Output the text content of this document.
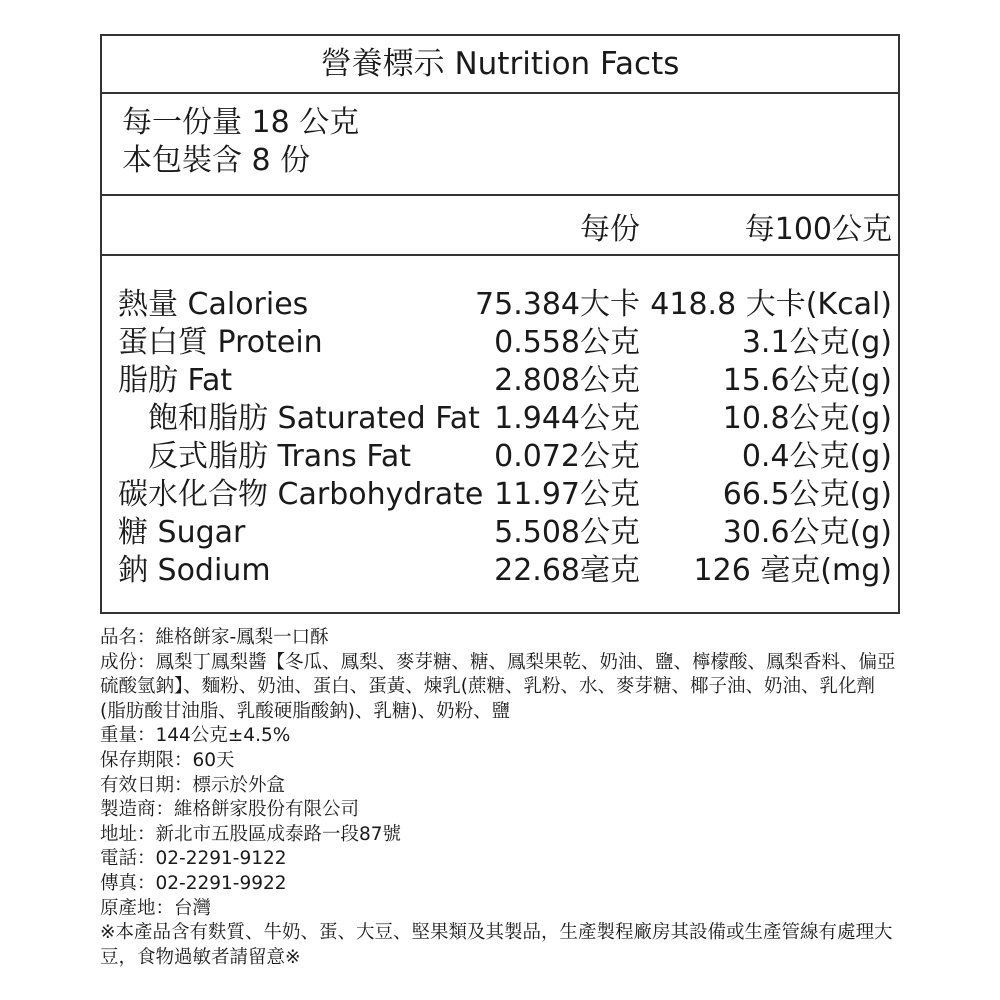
營養標示 Nutrition Facts
每一份量 18 公克
本包裝含 8 份
每份	每100公克
熱量 Calories	75.384大卡 418.8 大卡(Kcal)
蛋白質 Protein	0.558公克	3.1公克(g)
脂肪 Fat	2.808公克	15.6公克(g)
飽和脂肪 Saturated Fat 1.944公克	10.8公克(g)
反式脂肪 Trans Fat	0.072公克	0.4公克(g)
碳水化合物 Carbohydrate 11.97公克	66.5公克(g)
糖 Sugar	5.508公克	30.6公克(g)
鈉 Sodium	22.68毫克 126 毫克(mg)
品名：維格餅家-鳳梨一口酥
成份：鳳梨丁鳳梨醬【冬瓜、鳳梨、麥芽糖、糖、鳳梨果乾、奶油、鹽、檸檬酸、鳳梨香料、偏亞硫酸氫鈉】、麵粉、奶油、蛋白、蛋黃、煉乳(蔗糖、乳粉、水、麥芽糖、椰子油、奶油、乳化劑(脂肪酸甘油脂、乳酸硬脂酸鈉)、乳糖)、奶粉、鹽
重量：144公克±4.5%
保存期限：60天
有效日期：標示於外盒
製造商：維格餅家股份有限公司
地址：新北市五股區成泰路一段87號
電話：02-2291-9122
傳真：02-2291-9922
原產地：台灣
※本產品含有麩質、牛奶、蛋、大豆、堅果類及其製品，生產製程廠房其設備或生產管線有處理大豆，食物過敏者請留意※
